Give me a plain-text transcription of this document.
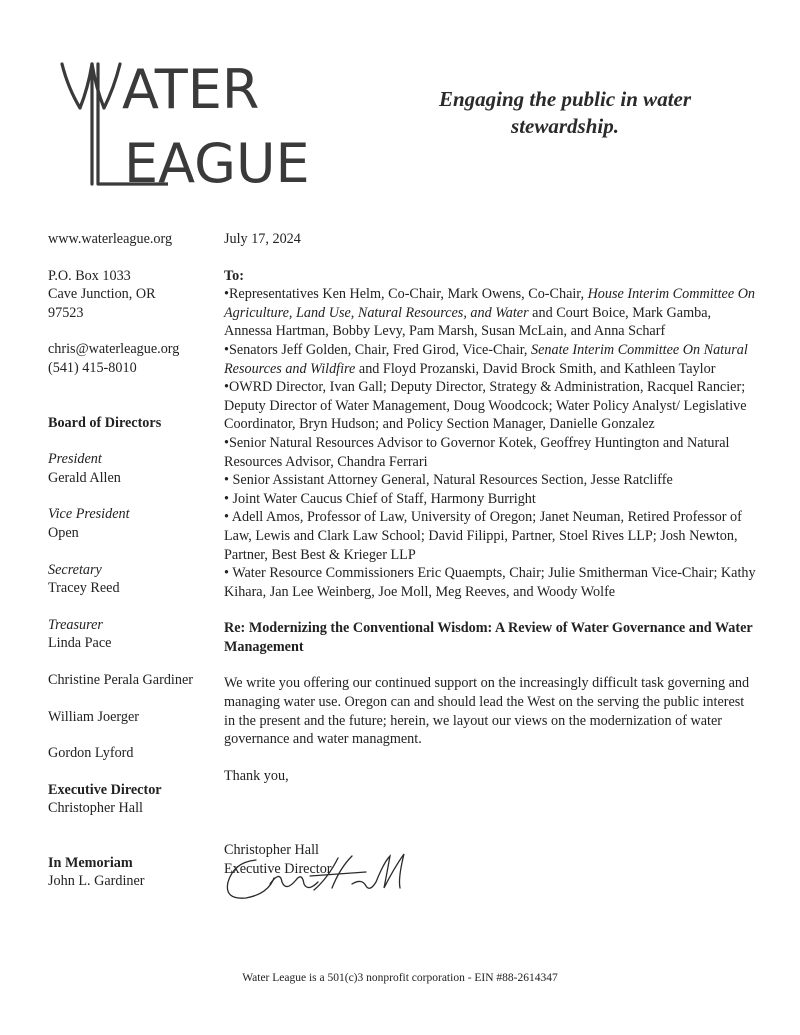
ATER
EAGUE
Engaging the public in water stewardship.
www.waterleague.org
P.O. Box 1033
Cave Junction, OR
97523
chris@waterleague.org
(541) 415-8010
Board of Directors
President
Gerald Allen
Vice President
Open
Secretary
Tracey Reed
Treasurer
Linda Pace
Christine Perala Gardiner
William Joerger
Gordon Lyford
Executive Director
Christopher Hall
In Memoriam
John L. Gardiner
July 17, 2024
To:
•Representatives Ken Helm, Co-Chair, Mark Owens, Co-Chair, House Interim Committee On Agriculture, Land Use, Natural Resources, and Water and Court Boice, Mark Gamba, Annessa Hartman, Bobby Levy, Pam Marsh, Susan McLain, and Anna Scharf
•Senators Jeff Golden, Chair, Fred Girod, Vice-Chair, Senate Interim Committee On Natural Resources and Wildfire and Floyd Prozanski, David Brock Smith, and Kathleen Taylor
•OWRD Director, Ivan Gall; Deputy Director, Strategy & Administration, Racquel Rancier; Deputy Director of Water Management, Doug Woodcock; Water Policy Analyst/ Legislative Coordinator, Bryn Hudson; and Policy Section Manager, Danielle Gonzalez
•Senior Natural Resources Advisor to Governor Kotek, Geoffrey Huntington and Natural Resources Advisor, Chandra Ferrari
• Senior Assistant Attorney General, Natural Resources Section, Jesse Ratcliffe
• Joint Water Caucus Chief of Staff, Harmony Burright
• Adell Amos, Professor of Law, University of Oregon; Janet Neuman, Retired Professor of Law, Lewis and Clark Law School; David Filippi, Partner, Stoel Rives LLP; Josh Newton, Partner, Best Best & Krieger LLP
• Water Resource Commissioners Eric Quaempts, Chair; Julie Smitherman Vice-Chair; Kathy Kihara, Jan Lee Weinberg, Joe Moll, Meg Reeves, and Woody Wolfe
Re: Modernizing the Conventional Wisdom: A Review of Water Governance and Water Management
We write you offering our continued support on the increasingly difficult task governing and managing water use. Oregon can and should lead the West on the serving the public interest in the present and the future; herein, we layout our views on the modernization of water governance and water managment.
Thank you,
Christopher Hall
Executive Director
Water League is a 501(c)3 nonprofit corporation - EIN #88-2614347
